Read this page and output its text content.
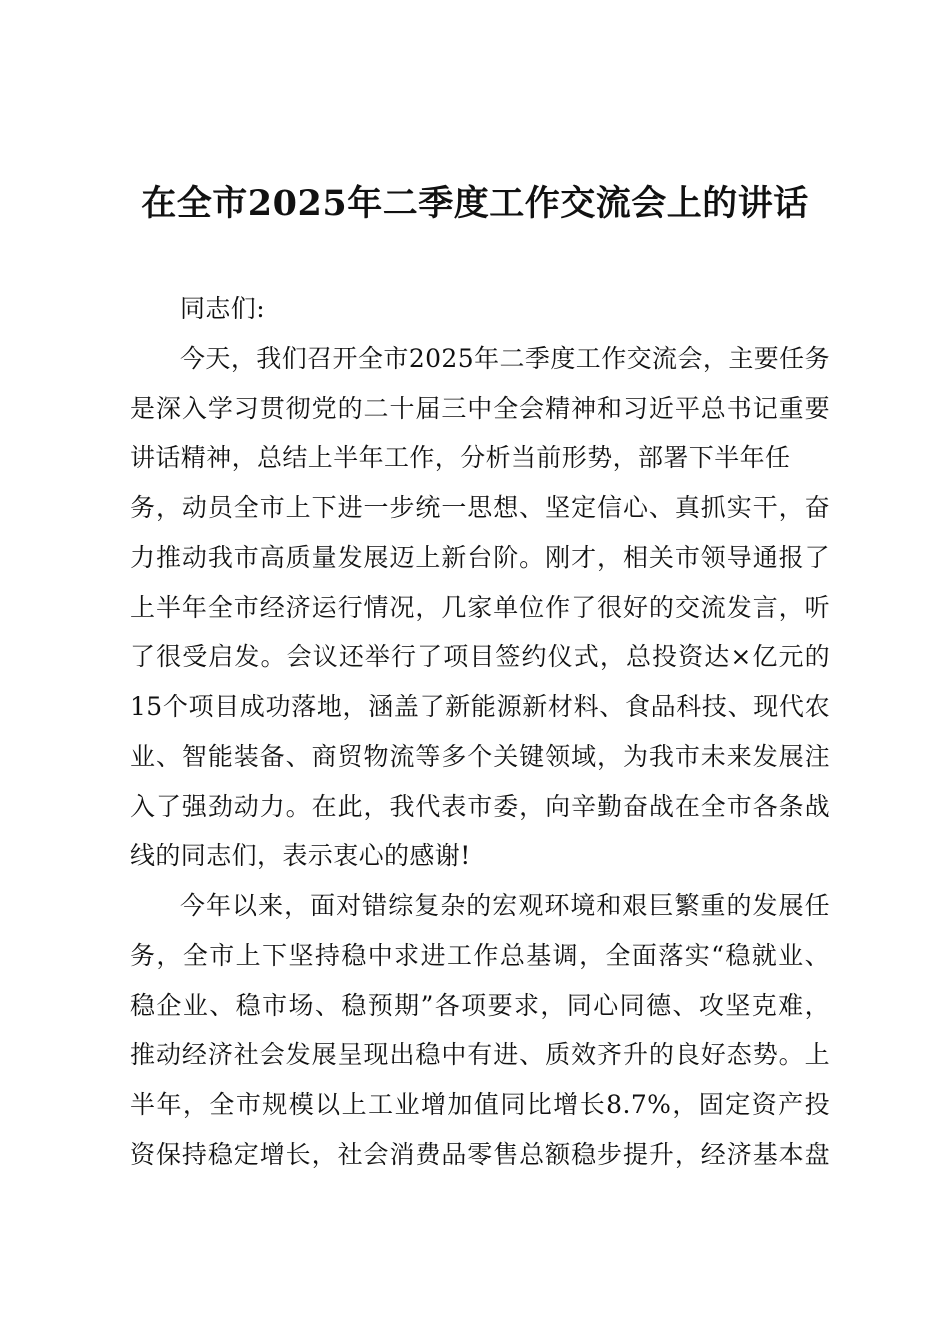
在全市2025年二季度工作交流会上的讲话
同志们:
今天，我们召开全市2025年二季度工作交流会，主要任务
是深入学习贯彻党的二十届三中全会精神和习近平总书记重要
讲话精神，总结上半年工作，分析当前形势，部署下半年任
务，动员全市上下进一步统一思想、坚定信心、真抓实干，奋
力推动我市高质量发展迈上新台阶。刚才，相关市领导通报了
上半年全市经济运行情况，几家单位作了很好的交流发言，听
了很受启发。会议还举行了项目签约仪式，总投资达×亿元的
15个项目成功落地，涵盖了新能源新材料、食品科技、现代农
业、智能装备、商贸物流等多个关键领域，为我市未来发展注
入了强劲动力。在此，我代表市委，向辛勤奋战在全市各条战
线的同志们，表示衷心的感谢!
今年以来，面对错综复杂的宏观环境和艰巨繁重的发展任
务，全市上下坚持稳中求进工作总基调，全面落实“稳就业、
稳企业、稳市场、稳预期”各项要求，同心同德、攻坚克难，
推动经济社会发展呈现出稳中有进、质效齐升的良好态势。上
半年，全市规模以上工业增加值同比增长8.7%，固定资产投
资保持稳定增长，社会消费品零售总额稳步提升，经济基本盘
